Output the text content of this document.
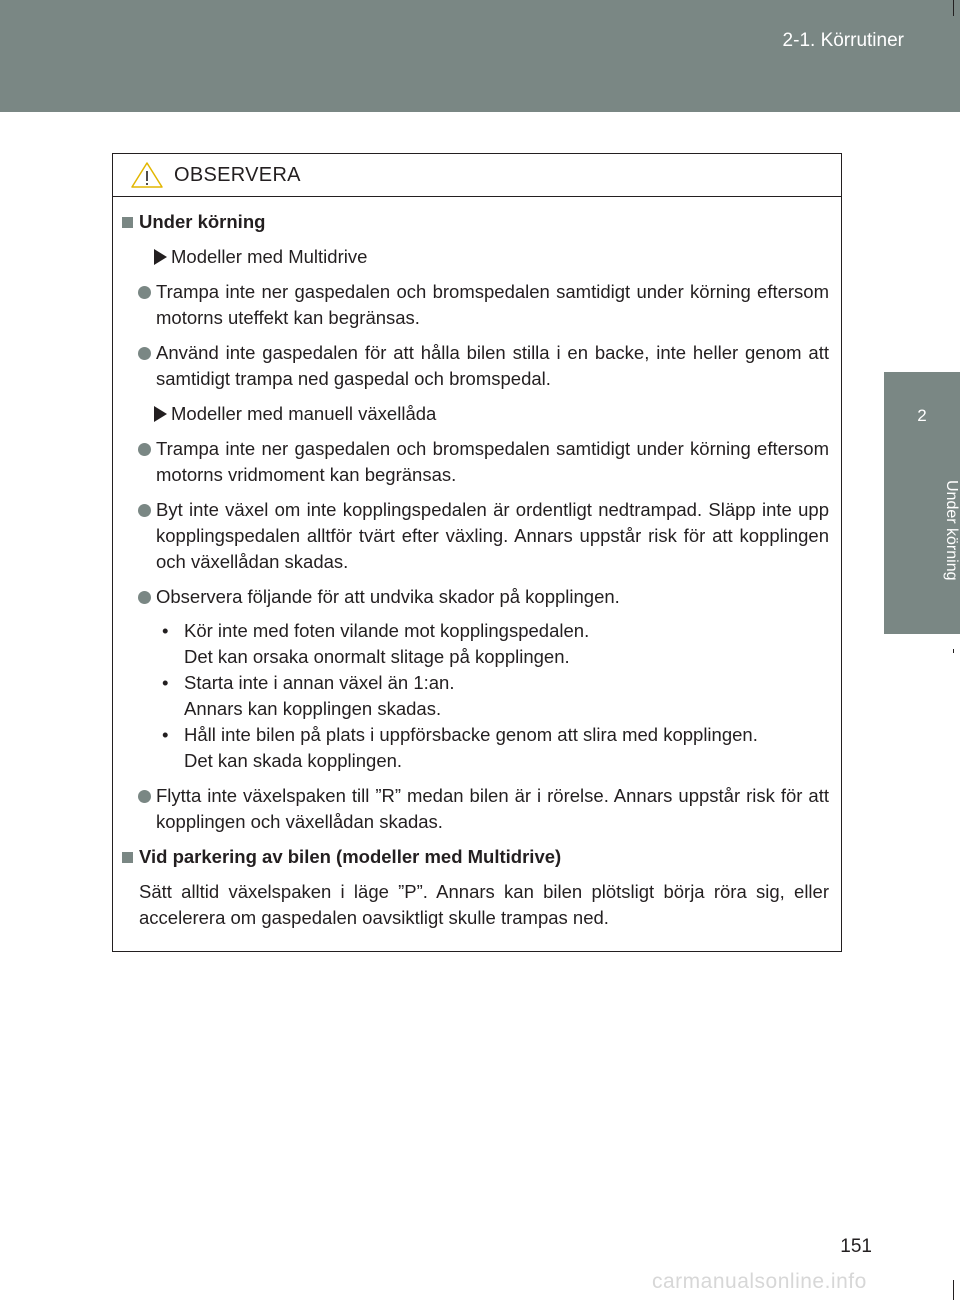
2-1. Körrutiner
2
Under körning
OBSERVERA
Under körning
Modeller med Multidrive
Trampa inte ner gaspedalen och bromspedalen samtidigt under körning eftersom motorns uteffekt kan begränsas.
Använd inte gaspedalen för att hålla bilen stilla i en backe, inte heller genom att samtidigt trampa ned gaspedal och bromspedal.
Modeller med manuell växellåda
Trampa inte ner gaspedalen och bromspedalen samtidigt under körning eftersom motorns vridmoment kan begränsas.
Byt inte växel om inte kopplingspedalen är ordentligt nedtrampad. Släpp inte upp kopplingspedalen alltför tvärt efter växling. Annars uppstår risk för att kopplingen och växellådan skadas.
Observera följande för att undvika skador på kopplingen.
• Kör inte med foten vilande mot kopplingspedalen.
Det kan orsaka onormalt slitage på kopplingen.
• Starta inte i annan växel än 1:an.
Annars kan kopplingen skadas.
• Håll inte bilen på plats i uppförsbacke genom att slira med kopplingen.
Det kan skada kopplingen.
Flytta inte växelspaken till ”R” medan bilen är i rörelse. Annars uppstår risk för att kopplingen och växellådan skadas.
Vid parkering av bilen (modeller med Multidrive)
Sätt alltid växelspaken i läge ”P”. Annars kan bilen plötsligt börja röra sig, eller accelerera om gaspedalen oavsiktligt skulle trampas ned.
151
carmanualsonline.info
